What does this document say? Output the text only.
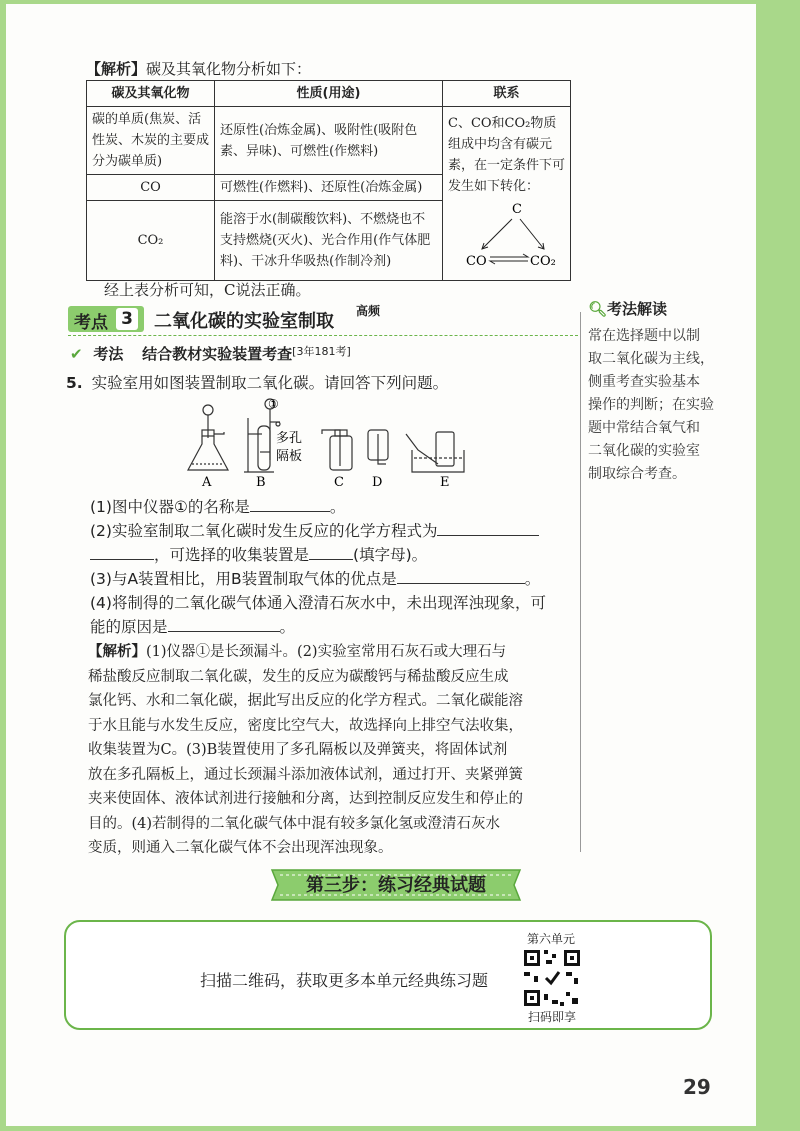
【解析】碳及其氧化物分析如下：
碳及其氧化物	性质(用途)	联系
碳的单质(焦炭、活性炭、木炭的主要成分为碳单质)	还原性(冶炼金属)、吸附性(吸附色素、异味)、可燃性(作燃料)	C、CO和CO₂物质组成中均含有碳元素，在一定条件下可发生如下转化：
C
CO CO₂

CO	可燃性(作燃料)、还原性(冶炼金属)	
CO₂	能溶于水(制碳酸饮料)、不燃烧也不支持燃烧(灭火)、光合作用(作气体肥料)、干冰升华吸热(作制冷剂)	
经上表分析可知，C说法正确。
考点 3 二氧化碳的实验室制取 高频	🔍︎考法解读
常在选择题中以制
取二氧化碳为主线，
侧重考查实验基本
操作的判断；在实验
题中常结合氧气和
二氧化碳的实验室
制取综合考查。
✔ 考法 结合教材实验装置考查[3年181考]
5. 实验室用如图装置制取二氧化碳。请回答下列问题。
A
①
多孔
隔板
B	C D	E
(1)图中仪器①的名称是	。
(2)实验室制取二氧化碳时发生反应的化学方程式为
，可选择的收集装置是	(填字母)。
(3)与A装置相比，用B装置制取气体的优点是	。
(4)将制得的二氧化碳气体通入澄清石灰水中，未出现浑浊现象，可
能的原因是	。
【解析】(1)仪器①是长颈漏斗。(2)实验室常用石灰石或大理石与
稀盐酸反应制取二氧化碳，发生的反应为碳酸钙与稀盐酸反应生成
氯化钙、水和二氧化碳，据此写出反应的化学方程式。二氧化碳能溶
于水且能与水发生反应，密度比空气大，故选择向上排空气法收集，
收集装置为C。(3)B装置使用了多孔隔板以及弹簧夹，将固体试剂
放在多孔隔板上，通过长颈漏斗添加液体试剂，通过打开、夹紧弹簧
夹来使固体、液体试剂进行接触和分离，达到控制反应发生和停止的
目的。(4)若制得的二氧化碳气体中混有较多氯化氢或澄清石灰水
变质，则通入二氧化碳气体不会出现浑浊现象。
第三步：练习经典试题
扫描二维码，获取更多本单元经典练习题
第六单元
扫码即享
29
